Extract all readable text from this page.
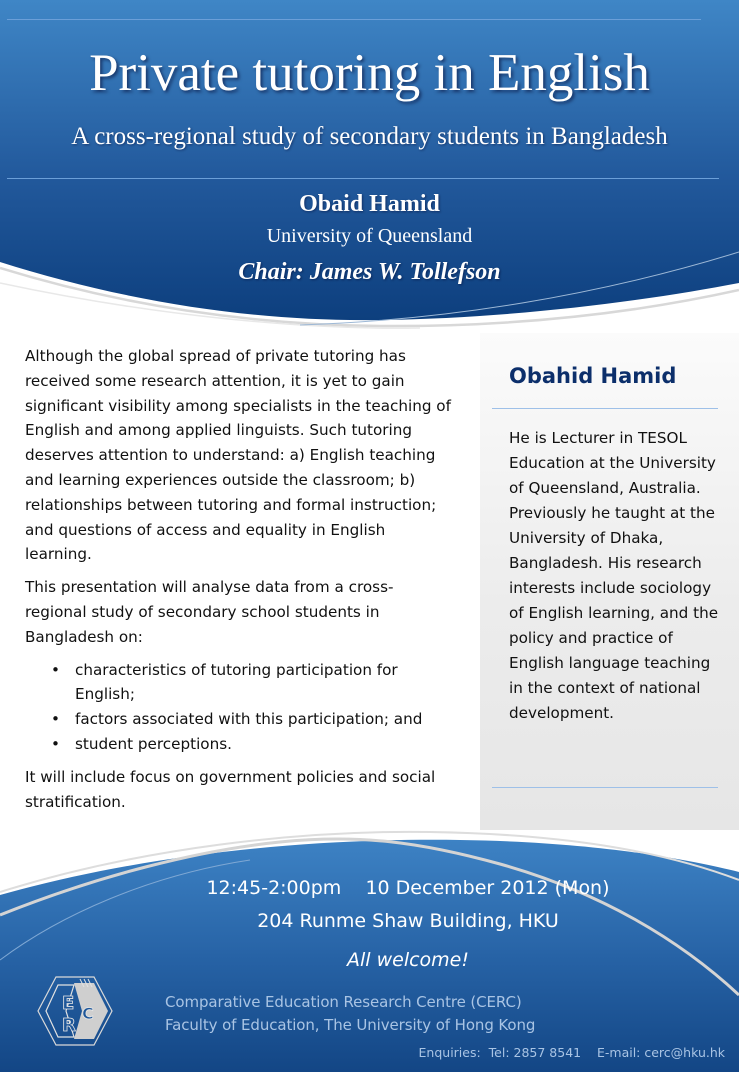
Private tutoring in English
A cross-regional study of secondary students in Bangladesh
Obaid Hamid
University of Queensland
Chair: James W. Tollefson

Although the global spread of private tutoring has received some research attention, it is yet to gain significant visibility among specialists in the teaching of English and among applied linguists. Such tutoring deserves attention to understand: a) English teaching and learning experiences outside the classroom; b) relationships between tutoring and formal instruction; and questions of access and equality in English learning.

This presentation will analyse data from a cross-regional study of secondary school students in Bangladesh on:

• characteristics of tutoring participation for English;
• factors associated with this participation; and
• student perceptions.

It will include focus on government policies and social stratification.

Obahid Hamid
He is Lecturer in TESOL Education at the University of Queensland, Australia. Previously he taught at the University of Dhaka, Bangladesh. His research interests include sociology of English learning, and the policy and practice of English language teaching in the context of national development.
12:45-2:00pm    10 December 2012 (Mon)
204 Runme Shaw Building, HKU
All welcome!
E
R
C
Comparative Education Research Centre (CERC)
Faculty of Education, The University of Hong Kong
Enquiries:  Tel: 2857 8541    E-mail: cerc@hku.hk
